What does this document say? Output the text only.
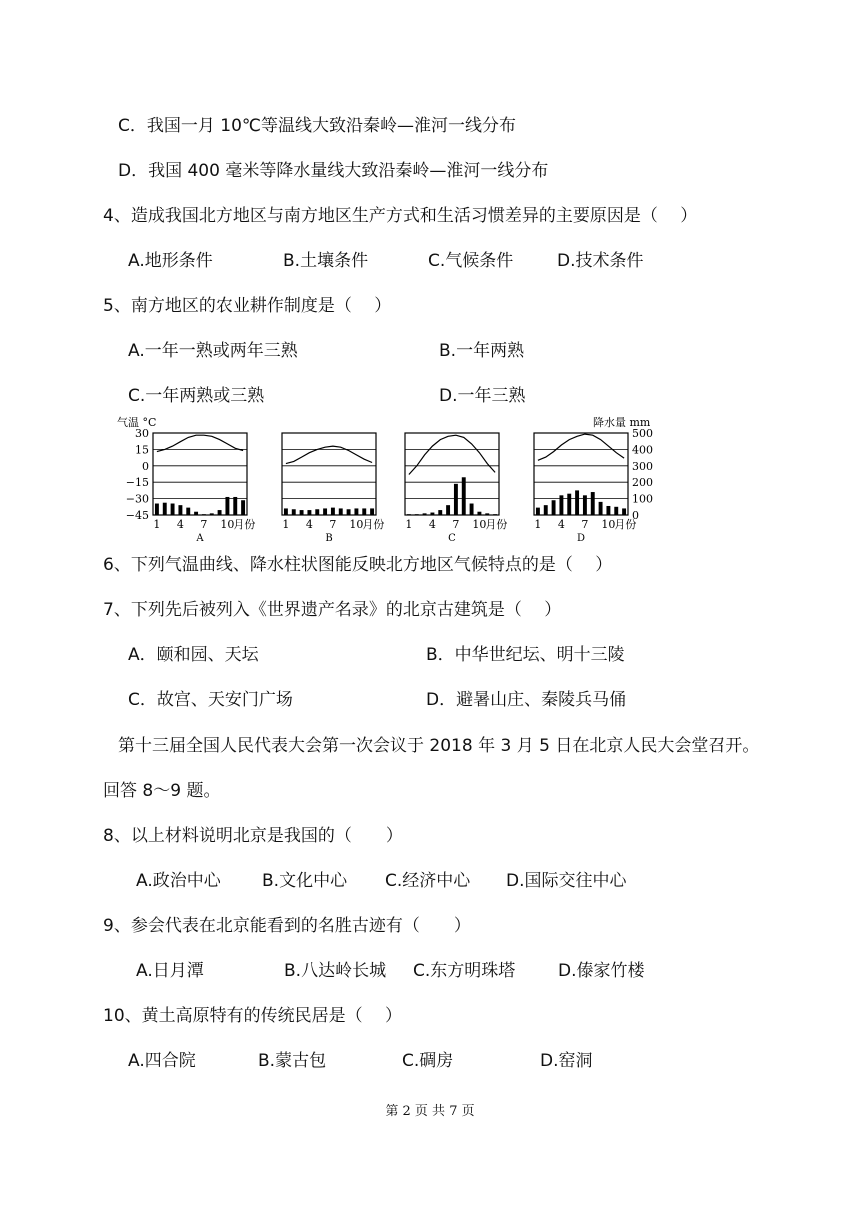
C．我国一月 10℃等温线大致沿秦岭—淮河一线分布
D．我国 400 毫米等降水量线大致沿秦岭—淮河一线分布
4、造成我国北方地区与南方地区生产方式和生活习惯差异的主要原因是（　 ）
A.地形条件	B.土壤条件	C.气候条件	D.技术条件
5、南方地区的农业耕作制度是（　 ）
A.一年一熟或两年三熟	B.一年两熟
C.一年两熟或三熟	D.一年三熟
气温 °C	降水量 mm
30
15
0
−15
−30
−45
500
400
300
200
100
0
1 4 7 10
月份
A
1 4 7 10
月份
B
1 4 7 10
月份
C
1 4 7 10
月份
D
6、下列气温曲线、降水柱状图能反映北方地区气候特点的是（　 ）
7、下列先后被列入《世界遗产名录》的北京古建筑是（　 ）
A．颐和园、天坛	B．中华世纪坛、明十三陵
C．故宫、天安门广场	D．避暑山庄、秦陵兵马俑
第十三届全国人民代表大会第一次会议于 2018 年 3 月 5 日在北京人民大会堂召开。
回答 8～9 题。
8、以上材料说明北京是我国的（　　）
A.政治中心 B.文化中心 C.经济中心 D.国际交往中心
9、参会代表在北京能看到的名胜古迹有（　　）
A.日月潭	B.八达岭长城 C.东方明珠塔	D.傣家竹楼
10、黄土高原特有的传统民居是（　 ）
A.四合院	B.蒙古包	C.碉房	D.窑洞
第 2 页 共 7 页
